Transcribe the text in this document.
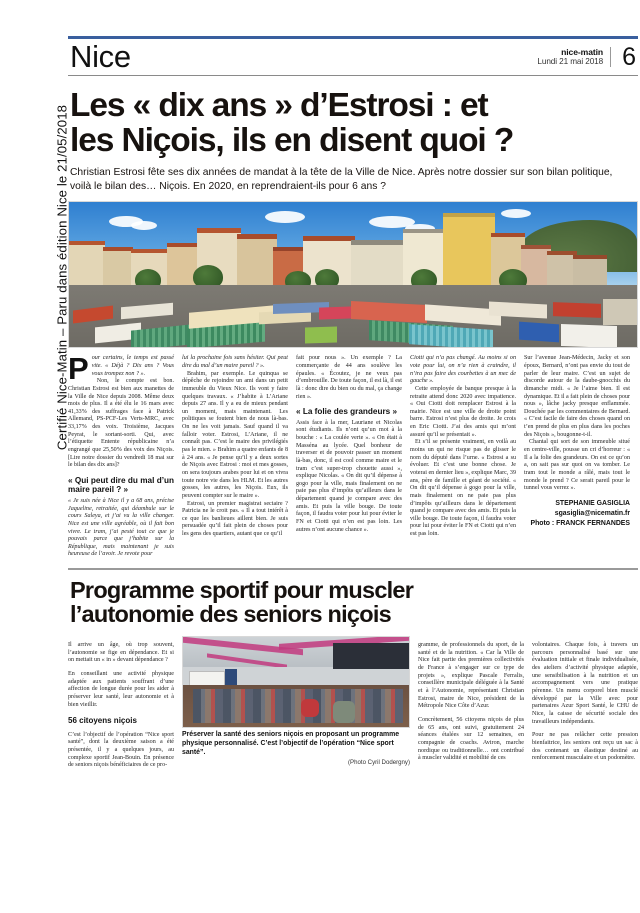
Certifié Nice-Matin – Paru dans édition Nice le 21/05/2018
Nice	nice-matin
Lundi 21 mai 2018 6
Les « dix ans » d’Estrosi : et
les Niçois, ils en disent quoi ?
Christian Estrosi fête ses dix années de mandat à la tête de la Ville de Nice. Après notre dossier sur son bilan politique, voilà le bilan des… Niçois. En 2020, en reprendraient-ils pour 6 ans ?

Pour certains, le temps est passé vite. « Déjà ? Dix ans ? Vous vous trompez non ? ».

Non, le compte est bon. Christian Estrosi est bien aux manettes de la Ville de Nice depuis 2008. Même deux mois de plus. Il a été élu le 16 mars avec 41,33% des suffrages face à Patrick Allemand, PS-PCF-Les Verts-MRC, avec 33,17% des voix. Troisième, Jacques Peyrat, le sortant-sorti. Qui, avec l’étiquette Entente républicaine n’a engrangé que 25,50% des voix des Niçois. [Lire notre dossier du vendredi 18 mai sur le bilan des dix ans]?

« Qui peut dire du mal d’un maire pareil ? »

« Je suis née à Nice il y a 68 ans, précise Jaqueline, retraitée, qui déambule sur le cours Saleya, et j’ai vu la ville changer. Nice est une ville agréable, où il fait bon vivre. Le tram, j’ai pesté tout ce que je pouvais parce que j’habite sur la République, mais maintenant je suis heureuse de l’avoir. Je revote pour

lui la prochaine fois sans hésiter. Qui peut dire du mal d’un maire pareil ? ».

Brahim, par exemple. Le quinqua se dépêche de rejoindre un ami dans un petit immeuble du Vieux Nice. Ils vont y faire quelques travaux. « J’habite à L’Ariane depuis 27 ans. Il y a eu de mieux pendant un moment, mais maintenant. Les politiques se foutent bien de nous là-bas. On ne les voit jamais. Sauf quand il va falloir voter. Estrosi, L’Ariane, il ne connaît pas. C’est le maire des privilégiés pas le mien. » Brahim a quatre enfants de 8 à 24 ans. « Je pense qu’il y a deux sortes de Niçois avec Estrosi : moi et mes gosses, on sera toujours arabes pour lui et on vivra toute notre vie dans les HLM. Et les autres gosses, les autres, les Niçois. Eux, ils peuvent compter sur le maire ».

Estrosi, un premier magistrat sectaire ? Patricia ne le croit pas. « Il a tout intérêt à ce que les banlieues aillent bien. Je suis persuadée qu’il fait plein de choses pour les gens des quartiers, autant que ce qu’il

fait pour nous ». Un exemple ? La commerçante de 44 ans soulève les épaules. « Écoutez, je ne veux pas d’embrouille. De toute façon, il est là, il est là : donc dire du bien ou du mal, ça change rien ».

« La folie des grandeurs »

Assis face à la mer, Lauriane et Nicolas sont étudiants. Ils n’ont qu’un mot à la bouche : « La coulée verte ». « On était à Masséna au lycée. Quel bonheur de traverser et de pouvoir passer un moment là-bas, donc, il est cool comme maire et le tram c’est super-trop chouette aussi », explique Nicolas. « On dit qu’il dépense à gogo pour la ville, mais finalement on ne paie pas plus d’impôts qu’ailleurs dans le département quand je compare avec des amis. Et puis la ville bouge. De toute façon, il faudra voter pour lui pour éviter le FN et Ciotti qui n’en est pas loin. Les autres n’ont aucune chance ».

Ciotti qui n’a pas changé. Au moins si on vote pour lui, on n’a rien à craindre, il n’ira pas faire des courbettes à un mec de gauche ».

Cette employée de banque presque à la retraite attend donc 2020 avec impatience. « Oui Ciotti doit remplacer Estrosi à la mairie. Nice est une ville de droite point barre. Estrosi n’est plus de droite. Je crois en Eric Ciotti. J’ai des amis qui m’ont assuré qu’il se présentait ».

Et s’il se présente vraiment, en voilà au moins un qui ne risque pas de glisser le nom du député dans l’urne. « Estrosi a su évoluer. Et c’est une bonne chose. Je voterai en dernier lieu », explique Marc, 39 ans, père de famille et géant de société. « On dit qu’il dépense à gogo pour la ville, mais finalement on ne paie pas plus d’impôts qu’ailleurs dans le département quand je compare avec des amis. Et puis la ville bouge. De toute façon, il faudra voter pour lui pour éviter le FN et Ciotti qui n’en est pas loin.

Sur l’avenue Jean-Médecin, Jacky et son époux, Bernard, n’ont pas envie du tout de parler de leur maire. C’est un sujet de discorde autour de la daube-gnocchis du dimanche midi. « Je l’aime bien. Il est dynamique. Et il a fait plein de choses pour nous », lâche jacky presque enflammée. Douchée par les commentaires de Bernard. « C’est facile de faire des choses quand on t’en prend de plus en plus dans les poches des Niçois », bougonne-t-il.

Chantal qui sort de son immeuble situé en centre-ville, pousse un cri d’horreur : « Il a la folie des grandeurs. On est ce qu’on a, on sait pas sur quoi on va tomber. Le tram tout le monde a râlé, mais tout le monde le prend ? Ce serait pareil pour le tunnel vous verrez ».

STEPHANIE GASIGLIA
sgasiglia@nicematin.fr
Photo : FRANCK FERNANDES
Programme sportif pour muscler
l’autonomie des seniors niçois

Il arrive un âge, où trop souvent, l’autonomie se fige en dépendance. Et si on mettait un « in » devant dépendance ?

En conseillant une activité physique adaptée aux patients souffrant d’une affection de longue durée pour les aider à préserver leur santé, leur autonomie et à bien vieillir.

56 citoyens niçois

C’est l’objectif de l’opération “Nice sport santé”, dont la deuxième saison a été présentée, il y a quelques jours, au complexe sportif Jean-Bouin. En présence de seniors niçois bénéficiaires de ce pro-

Préserver la santé des seniors niçois en proposant un programme physique personnalisé. C’est l’objectif de l’opération “Nice sport santé”.
(Photo Cyril Dodergny)

gramme, de professionnels du sport, de la santé et de la nutrition. « Car la Ville de Nice fait partie des premières collectivités de France à s’engager sur ce type de projets », explique Pascale Ferralis, conseillère municipale déléguée à la Santé et à l’Autonomie, représentant Christian Estrosi, maire de Nice, président de la Métropole Nice Côte d’Azur.

Concrètement, 56 citoyens niçois de plus de 65 ans, ont suivi, gratuitement 24 séances étalées sur 12 semaines, en compagnie de coachs. Aviron, marche nordique ou traditionnelle… ont contribué à muscler validité et mobilité de ces

volontaires. Chaque fois, à travers un parcours personnalisé basé sur une évaluation initiale et finale individualisée, des ateliers d’activité physique adaptée, une sensibilisation à la nutrition et un accompagnement vers une pratique pérenne. Un menu corporel bien musclé développé par la Ville avec pour partenaires Azur Sport Santé, le CHU de Nice, la caisse de sécurité sociale des travailleurs indépendants.

Pour ne pas relâcher cette pression bienfaitrice, les seniors ont reçu un sac à dos contenant un élastique destiné au renforcement musculaire et un podomètre.
